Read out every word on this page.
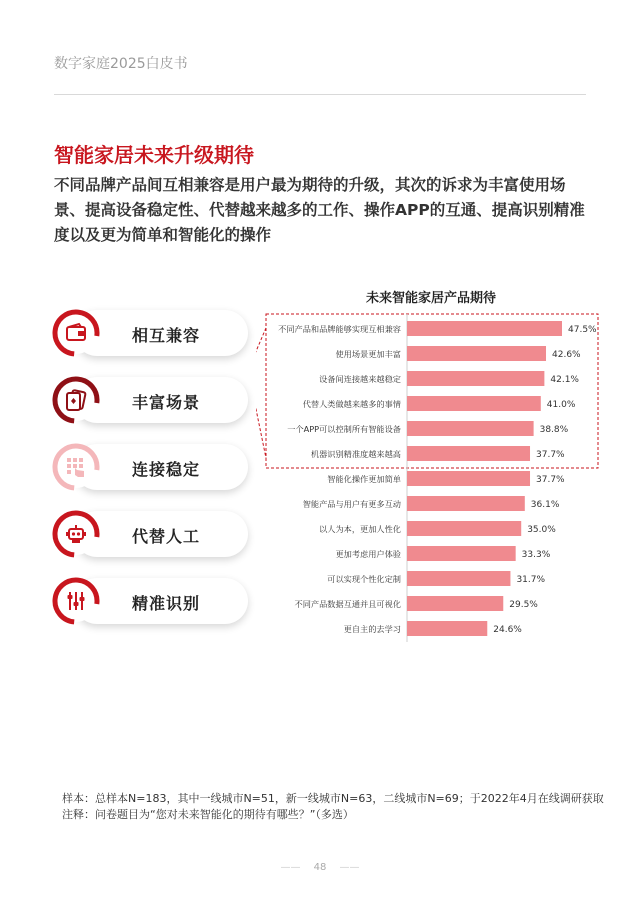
数字家庭2025白皮书
智能家居未来升级期待
不同品牌产品间互相兼容是用户最为期待的升级，其次的诉求为丰富使用场景、提高设备稳定性、代替越来越多的工作、操作APP的互通、提高识别精准度以及更为简单和智能化的操作
相互兼容
丰富场景
连接稳定
代替人工
精准识别
未来智能家居产品期待
不同产品和品牌能够实现互相兼容	47.5%
使用场景更加丰富	42.6%
设备间连接越来越稳定	42.1%
代替人类做越来越多的事情	41.0%
一个APP可以控制所有智能设备	38.8%
机器识别精准度越来越高	37.7%
智能化操作更加简单	37.7%
智能产品与用户有更多互动	36.1%
以人为本，更加人性化	35.0%
更加考虑用户体验	33.3%
可以实现个性化定制	31.7%
不同产品数据互通并且可视化	29.5%
更自主的去学习	24.6%
样本：总样本N=183，其中一线城市N=51，新一线城市N=63，二线城市N=69；于2022年4月在线调研获取
注释：问卷题目为“您对未来智能化的期待有哪些？”（多选）
—— 48 ——
